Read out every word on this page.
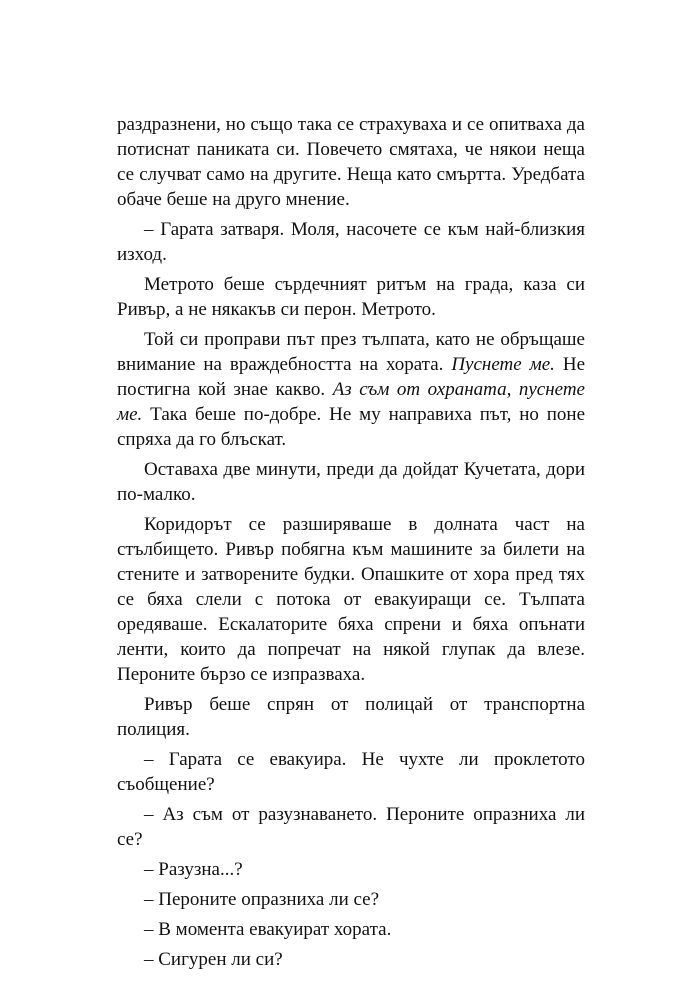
раздразнени, но също така се страхуваха и се опитваха да потиснат паниката си. Повечето смятаха, че някои неща се случват само на другите. Неща като смъртта. Уредбата обаче беше на друго мнение.

– Гарата затваря. Моля, насочете се към най-близкия изход.

Метрото беше сърдечният ритъм на града, каза си Ривър, а не някакъв си перон. Метрото.

Той си проправи път през тълпата, като не обръщаше внимание на враждебността на хората. Пуснете ме. Не постигна кой знае какво. Аз съм от охраната, пуснете ме. Така беше по-добре. Не му направиха път, но поне спряха да го блъскат.

Оставаха две минути, преди да дойдат Кучетата, дори по-малко.

Коридорът се разширяваше в долната част на стълбището. Ривър побягна към машините за билети на стените и затворените будки. Опашките от хора пред тях се бяха слели с потока от евакуиращи се. Тълпата оредяваше. Ескалаторите бяха спрени и бяха опънати ленти, които да попречат на някой глупак да влезе. Пероните бързо се изпразваха.

Ривър беше спрян от полицай от транспортна полиция.

– Гарата се евакуира. Не чухте ли проклетото съобщение?

– Аз съм от разузнаването. Пероните опразниха ли се?

– Разузна...?

– Пероните опразниха ли се?

– В момента евакуират хората.

– Сигурен ли си?
